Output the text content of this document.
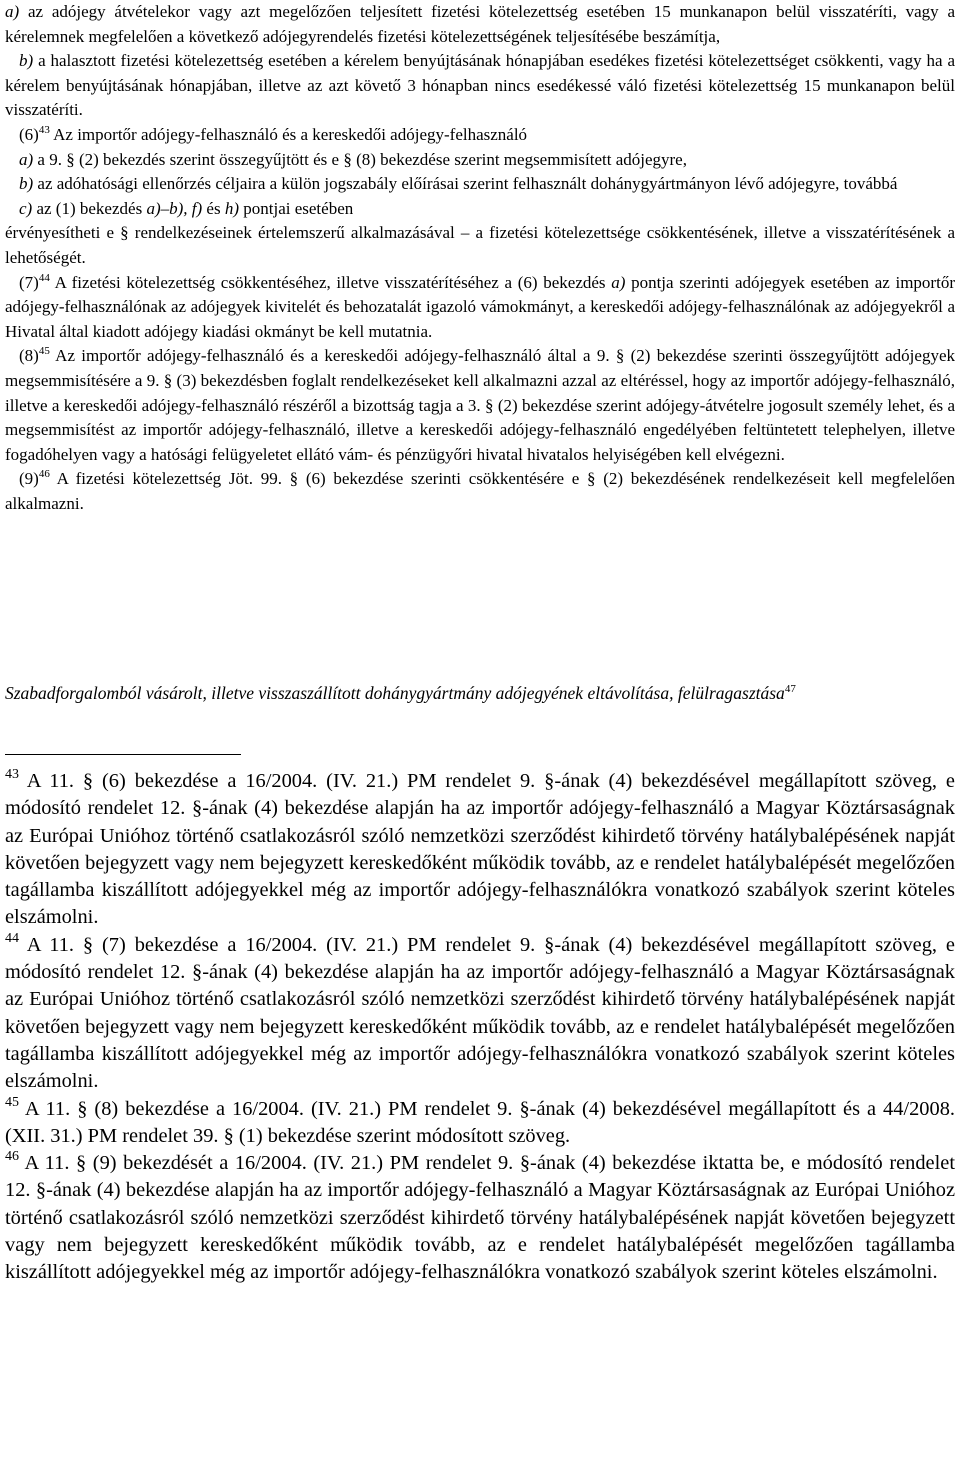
a) az adójegy átvételekor vagy azt megelőzően teljesített fizetési kötelezettség esetében 15 munkanapon belül visszatéríti, vagy a kérelemnek megfelelően a következő adójegyrendelés fizetési kötelezettségének teljesítésébe beszámítja,

b) a halasztott fizetési kötelezettség esetében a kérelem benyújtásának hónapjában esedékes fizetési kötelezettséget csökkenti, vagy ha a kérelem benyújtásának hónapjában, illetve az azt követő 3 hónapban nincs esedékessé váló fizetési kötelezettség 15 munkanapon belül visszatéríti.

$(6)^{43}$ Az importőr adójegy-felhasználó és a kereskedői adójegy-felhasználó

a) a 9. § (2) bekezdés szerint összegyűjtött és e § (8) bekezdése szerint megsemmisített adójegyre,

b) az adóhatósági ellenőrzés céljaira a külön jogszabály előírásai szerint felhasznált dohánygyártmányon lévő adójegyre, továbbá

c) az (1) bekezdés a)–b), f) és h) pontjai esetében

érvényesítheti e § rendelkezéseinek értelemszerű alkalmazásával – a fizetési kötelezettsége csökkentésének, illetve a visszatérítésének a lehetőségét.

$(7)^{44}$ A fizetési kötelezettség csökkentéséhez, illetve visszatérítéséhez a (6) bekezdés a) pontja szerinti adójegyek esetében az importőr adójegy-felhasználónak az adójegyek kivitelét és behozatalát igazoló vámokmányt, a kereskedői adójegy-felhasználónak az adójegyekről a Hivatal által kiadott adójegy kiadási okmányt be kell mutatnia.

$(8)^{45}$ Az importőr adójegy-felhasználó és a kereskedői adójegy-felhasználó által a 9. § (2) bekezdése szerinti összegyűjtött adójegyek megsemmisítésére a 9. § (3) bekezdésben foglalt rendelkezéseket kell alkalmazni azzal az eltéréssel, hogy az importőr adójegy-felhasználó, illetve a kereskedői adójegy-felhasználó részéről a bizottság tagja a 3. § (2) bekezdése szerint adójegy-átvételre jogosult személy lehet, és a megsemmisítést az importőr adójegy-felhasználó, illetve a kereskedői adójegy-felhasználó engedélyében feltüntetett telephelyen, illetve fogadóhelyen vagy a hatósági felügyeletet ellátó vám- és pénzügyőri hivatal hivatalos helyiségében kell elvégezni.

$(9)^{46}$ A fizetési kötelezettség Jöt. 99. § (6) bekezdése szerinti csökkentésére e § (2) bekezdésének rendelkezéseit kell megfelelően alkalmazni.

Szabadforgalomból vásárolt, illetve visszaszállított dohánygyártmány adójegyének eltávolítása, felülragasztása$^{47}$

$^{43}$ A 11. § (6) bekezdése a 16/2004. (IV. 21.) PM rendelet 9. §-ának (4) bekezdésével megállapított szöveg, e módosító rendelet 12. §-ának (4) bekezdése alapján ha az importőr adójegy-felhasználó a Magyar Köztársaságnak az Európai Unióhoz történő csatlakozásról szóló nemzetközi szerződést kihirdető törvény hatálybalépésének napját követően bejegyzett vagy nem bejegyzett kereskedőként működik tovább, az e rendelet hatálybalépését megelőzően tagállamba kiszállított adójegyekkel még az importőr adójegy-felhasználókra vonatkozó szabályok szerint köteles elszámolni.

$^{44}$ A 11. § (7) bekezdése a 16/2004. (IV. 21.) PM rendelet 9. §-ának (4) bekezdésével megállapított szöveg, e módosító rendelet 12. §-ának (4) bekezdése alapján ha az importőr adójegy-felhasználó a Magyar Köztársaságnak az Európai Unióhoz történő csatlakozásról szóló nemzetközi szerződést kihirdető törvény hatálybalépésének napját követően bejegyzett vagy nem bejegyzett kereskedőként működik tovább, az e rendelet hatálybalépését megelőzően tagállamba kiszállított adójegyekkel még az importőr adójegy-felhasználókra vonatkozó szabályok szerint köteles elszámolni.

$^{45}$ A 11. § (8) bekezdése a 16/2004. (IV. 21.) PM rendelet 9. §-ának (4) bekezdésével megállapított és a 44/2008. (XII. 31.) PM rendelet 39. § (1) bekezdése szerint módosított szöveg.

$^{46}$ A 11. § (9) bekezdését a 16/2004. (IV. 21.) PM rendelet 9. §-ának (4) bekezdése iktatta be, e módosító rendelet 12. §-ának (4) bekezdése alapján ha az importőr adójegy-felhasználó a Magyar Köztársaságnak az Európai Unióhoz történő csatlakozásról szóló nemzetközi szerződést kihirdető törvény hatálybalépésének napját követően bejegyzett vagy nem bejegyzett kereskedőként működik tovább, az e rendelet hatálybalépését megelőzően tagállamba kiszállított adójegyekkel még az importőr adójegy-felhasználókra vonatkozó szabályok szerint köteles elszámolni.
